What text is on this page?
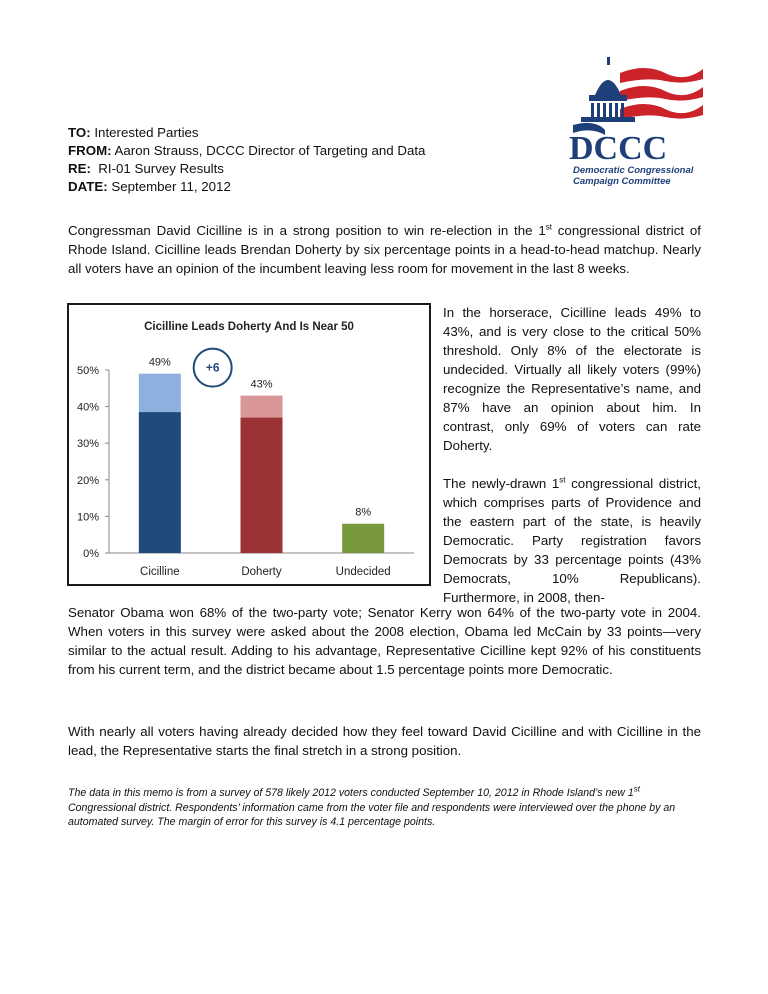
DCCC
Democratic Congressional
Campaign Committee
TO: Interested Parties
FROM: Aaron Strauss, DCCC Director of Targeting and Data
RE:  RI-01 Survey Results
DATE: September 11, 2012
Congressman David Cicilline is in a strong position to win re-election in the 1st congressional district of Rhode Island. Cicilline leads Brendan Doherty by six percentage points in a head-to-head matchup. Nearly all voters have an opinion of the incumbent leaving less room for movement in the last 8 weeks.
Cicilline Leads Doherty And Is Near 50
0%
10%
20%
30%
40%
50%
49%
Cicilline
43%
Doherty
8%
Undecided
+6
In the horserace, Cicilline leads 49% to 43%, and is very close to the critical 50% threshold. Only 8% of the electorate is undecided. Virtually all likely voters (99%) recognize the Representative’s name, and 87% have an opinion about him. In contrast, only 69% of voters can rate Doherty.
The newly-drawn 1st congressional district, which comprises parts of Providence and the eastern part of the state, is heavily Democratic. Party registration favors Democrats by 33 percentage points (43% Democrats, 10% Republicans). Furthermore, in 2008, then-
Senator Obama won 68% of the two-party vote; Senator Kerry won 64% of the two-party vote in 2004. When voters in this survey were asked about the 2008 election, Obama led McCain by 33 points—very similar to the actual result. Adding to his advantage, Representative Cicilline kept 92% of his constituents from his current term, and the district became about 1.5 percentage points more Democratic.
With nearly all voters having already decided how they feel toward David Cicilline and with Cicilline in the lead, the Representative starts the final stretch in a strong position.
The data in this memo is from a survey of 578 likely 2012 voters conducted September 10, 2012 in Rhode Island’s new 1st Congressional district. Respondents’ information came from the voter file and respondents were interviewed over the phone by an automated survey. The margin of error for this survey is 4.1 percentage points.
